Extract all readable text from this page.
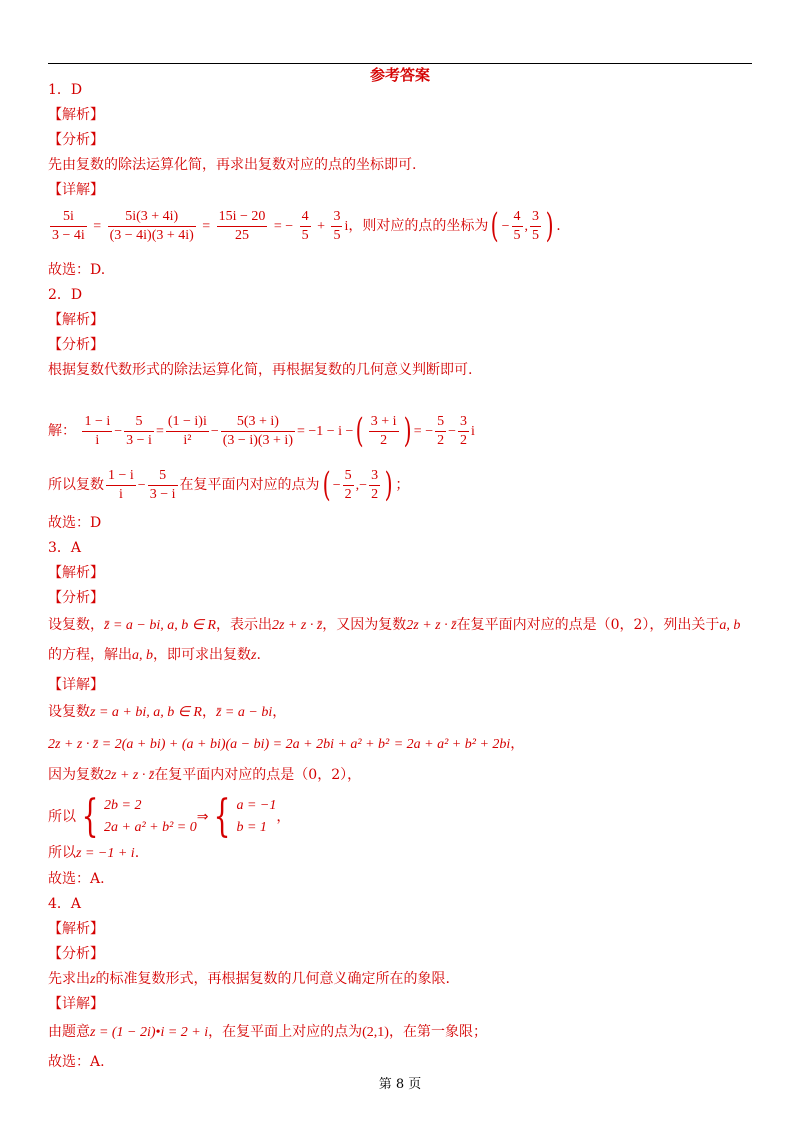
参考答案
1．D
【解析】
【分析】
先由复数的除法运算化简，再求出复数对应的点的坐标即可.
【详解】
$\frac{5i}{3 - 4i} = \frac{5i(3 + 4i)}{(3 - 4i)(3 + 4i)} = \frac{15i - 20}{25}$ = − $\frac{4}{5} + \frac{3}{5}$ i，则对应的点的坐标为( − $\frac{4}{5}$ , $\frac{3}{5}$ ) .
故选：D.
2．D
【解析】
【分析】
根据复数代数形式的除法运算化简，再根据复数的几何意义判断即可.
解： $\frac{1 - i}{i} - \frac{5}{3 - i} = \frac{(1 - i)i}{\text{i²}} - \frac{5(3 + i)}{(3 - i)(3 + i)} = -1 - i$ −( $\frac{3 + i}{2}$ ) = − $\frac{5}{2} - \frac{3}{2}$ i
所以复数 $\frac{1 - i}{i} - \frac{5}{3 - i}$ 在复平面内对应的点为( − $\frac{5}{2}$ ,− $\frac{3}{2}$ ) ；
故选：D
3．A
【解析】
【分析】
设复数，z̄ = a − bi, a, b ∈ R，表示出2z + z · z̄，又因为复数2z + z · z̄在复平面内对应的点是（0，2），列出关于a, b
的方程，解出a, b，即可求出复数z.
【详解】
设复数z = a + bi, a, b ∈ R，z̄ = a − bi，
2z + z · z̄ = 2(a + bi) + (a + bi)(a − bi) = 2a + 2bi + a² + b² = 2a + a² + b² + 2bi，
因为复数2z + z · z̄在复平面内对应的点是（0，2），
所以 { 2b = 2
2a + a² + b² = 0
⇒ { a = −1
b = 1
，
所以z = −1 + i.
故选：A.
4．A
【解析】
【分析】
先求出z的标准复数形式，再根据复数的几何意义确定所在的象限.
【详解】
由题意z = (1 − 2i)•i = 2 + i，在复平面上对应的点为(2,1)，在第一象限；
故选：A.
第 8 页
